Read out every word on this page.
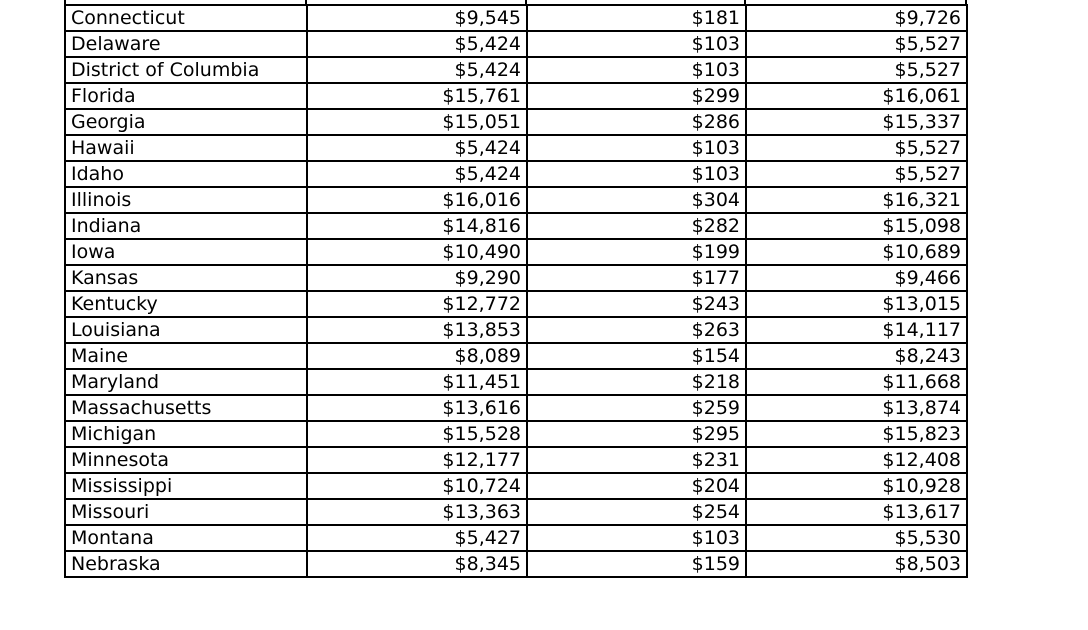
Connecticut	$9,545	$181	$9,726
Delaware	$5,424	$103	$5,527
District of Columbia	$5,424	$103	$5,527
Florida	$15,761	$299	$16,061
Georgia	$15,051	$286	$15,337
Hawaii	$5,424	$103	$5,527
Idaho	$5,424	$103	$5,527
Illinois	$16,016	$304	$16,321
Indiana	$14,816	$282	$15,098
Iowa	$10,490	$199	$10,689
Kansas	$9,290	$177	$9,466
Kentucky	$12,772	$243	$13,015
Louisiana	$13,853	$263	$14,117
Maine	$8,089	$154	$8,243
Maryland	$11,451	$218	$11,668
Massachusetts	$13,616	$259	$13,874
Michigan	$15,528	$295	$15,823
Minnesota	$12,177	$231	$12,408
Mississippi	$10,724	$204	$10,928
Missouri	$13,363	$254	$13,617
Montana	$5,427	$103	$5,530
Nebraska	$8,345	$159	$8,503
